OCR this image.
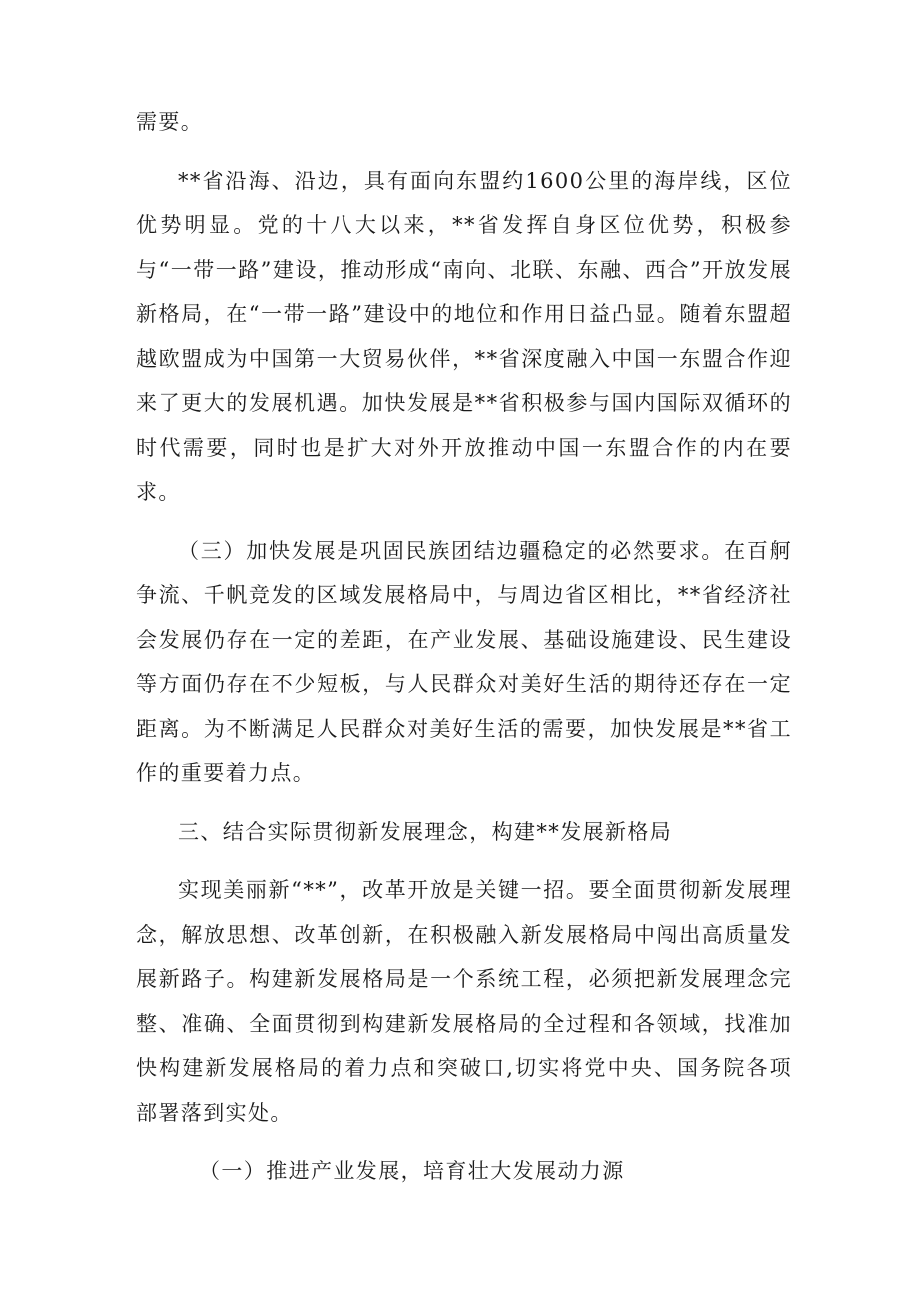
需要。

**省沿海、沿边，具有面向东盟约1600公里的海岸线，区位优势明显。党的十八大以来，**省发挥自身区位优势，积极参与“一带一路”建设，推动形成“南向、北联、东融、西合”开放发展新格局，在“一带一路”建设中的地位和作用日益凸显。随着东盟超越欧盟成为中国第一大贸易伙伴，**省深度融入中国一东盟合作迎来了更大的发展机遇。加快发展是**省积极参与国内国际双循环的时代需要，同时也是扩大对外开放推动中国一东盟合作的内在要求。

（三）加快发展是巩固民族团结边疆稳定的必然要求。在百舸争流、千帆竞发的区域发展格局中，与周边省区相比，**省经济社会发展仍存在一定的差距，在产业发展、基础设施建设、民生建设等方面仍存在不少短板，与人民群众对美好生活的期待还存在一定距离。为不断满足人民群众对美好生活的需要，加快发展是**省工作的重要着力点。

三、结合实际贯彻新发展理念，构建**发展新格局

实现美丽新“**”，改革开放是关键一招。要全面贯彻新发展理念，解放思想、改革创新，在积极融入新发展格局中闯出高质量发展新路子。构建新发展格局是一个系统工程，必须把新发展理念完整、准确、全面贯彻到构建新发展格局的全过程和各领域，找准加快构建新发展格局的着力点和突破口,切实将党中央、国务院各项部署落到实处。

（一）推进产业发展，培育壮大发展动力源
